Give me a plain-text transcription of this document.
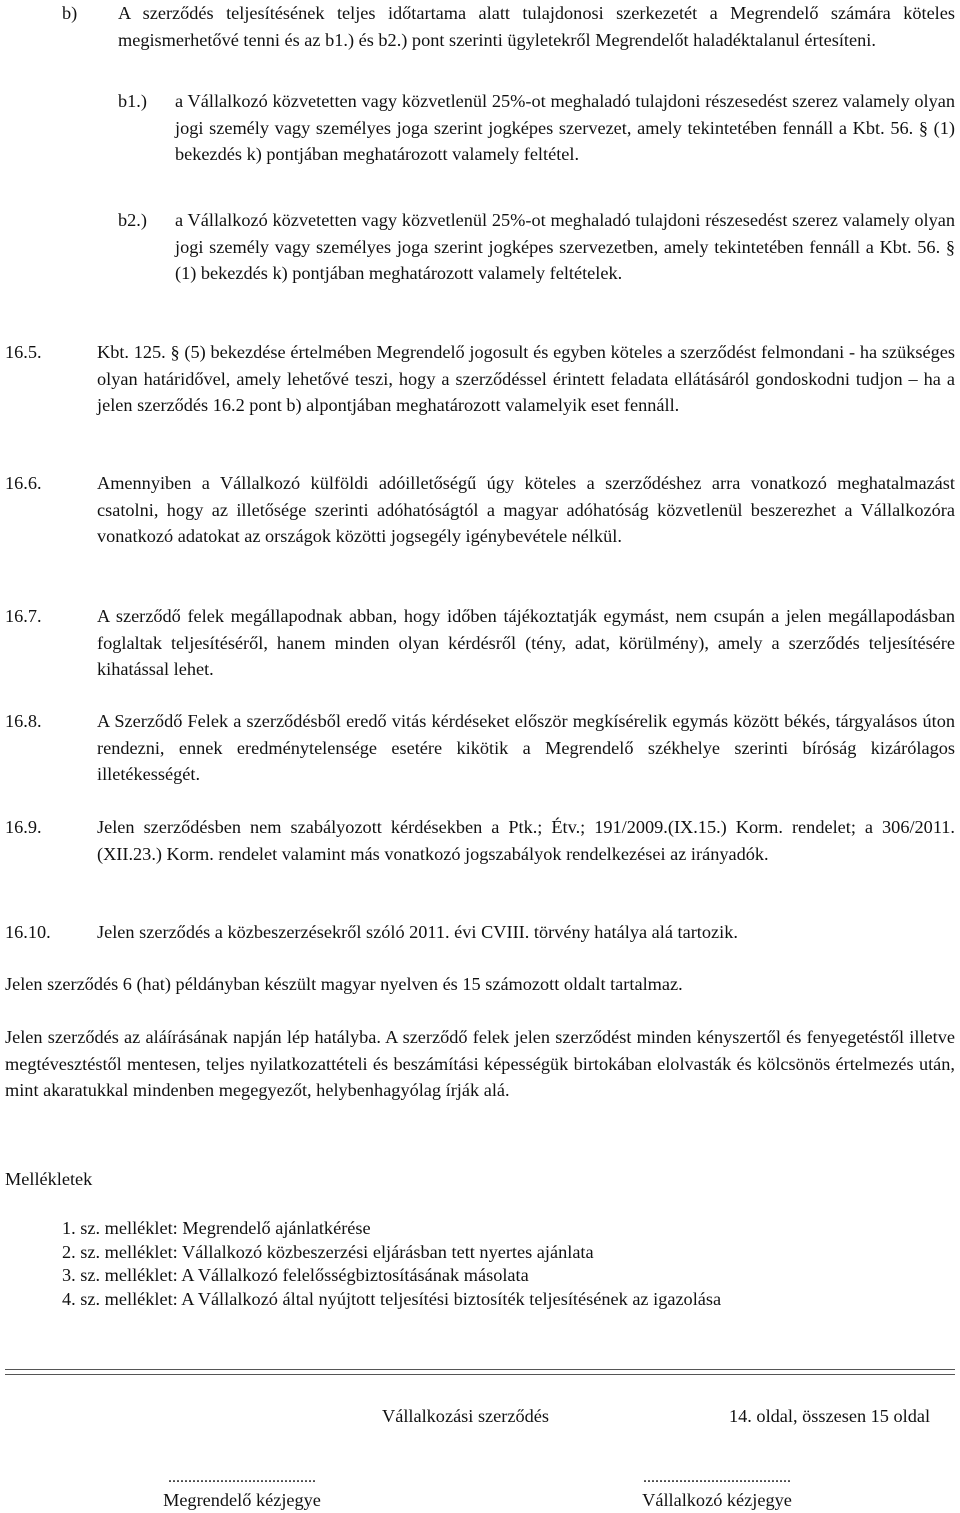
b) A szerződés teljesítésének teljes időtartama alatt tulajdonosi szerkezetét a Megrendelő számára köteles megismerhetővé tenni és az b1.) és b2.) pont szerinti ügyletekről Megrendelőt haladéktalanul értesíteni.

b1.) a Vállalkozó közvetetten vagy közvetlenül 25%-ot meghaladó tulajdoni részesedést szerez valamely olyan jogi személy vagy személyes joga szerint jogképes szervezet, amely tekintetében fennáll a Kbt. 56. § (1) bekezdés k) pontjában meghatározott valamely feltétel.

b2.) a Vállalkozó közvetetten vagy közvetlenül 25%-ot meghaladó tulajdoni részesedést szerez valamely olyan jogi személy vagy személyes joga szerint jogképes szervezetben, amely tekintetében fennáll a Kbt. 56. § (1) bekezdés k) pontjában meghatározott valamely feltételek.

16.5.	Kbt. 125. § (5) bekezdése értelmében Megrendelő jogosult és egyben köteles a szerződést felmondani - ha szükséges olyan határidővel, amely lehetővé teszi, hogy a szerződéssel érintett feladata ellátásáról gondoskodni tudjon – ha a jelen szerződés 16.2 pont b) alpontjában meghatározott valamelyik eset fennáll.

16.6.	Amennyiben a Vállalkozó külföldi adóilletőségű úgy köteles a szerződéshez arra vonatkozó meghatalmazást csatolni, hogy az illetősége szerinti adóhatóságtól a magyar adóhatóság közvetlenül beszerezhet a Vállalkozóra vonatkozó adatokat az országok közötti jogsegély igénybevétele nélkül.

16.7.	A szerződő felek megállapodnak abban, hogy időben tájékoztatják egymást, nem csupán a jelen megállapodásban foglaltak teljesítéséről, hanem minden olyan kérdésről (tény, adat, körülmény), amely a szerződés teljesítésére kihatással lehet.

16.8.	A Szerződő Felek a szerződésből eredő vitás kérdéseket először megkísérelik egymás között békés, tárgyalásos úton rendezni, ennek eredménytelensége esetére kikötik a Megrendelő székhelye szerinti bíróság kizárólagos illetékességét.

16.9.	Jelen szerződésben nem szabályozott kérdésekben a Ptk.; Étv.; 191/2009.(IX.15.) Korm. rendelet; a 306/2011.(XII.23.) Korm. rendelet valamint más vonatkozó jogszabályok rendelkezései az irányadók.

16.10.	Jelen szerződés a közbeszerzésekről szóló 2011. évi CVIII. törvény hatálya alá tartozik.

Jelen szerződés 6 (hat) példányban készült magyar nyelven és 15 számozott oldalt tartalmaz.

Jelen szerződés az aláírásának napján lép hatályba. A szerződő felek jelen szerződést minden kényszertől és fenyegetéstől illetve megtévesztéstől mentesen, teljes nyilatkozattételi és beszámítási képességük birtokában elolvasták és kölcsönös értelmezés után, mint akaratukkal mindenben megegyezőt, helybenhagyólag írják alá.

Mellékletek
1. sz. melléklet: Megrendelő ajánlatkérése
2. sz. melléklet: Vállalkozó közbeszerzési eljárásban tett nyertes ajánlata
3. sz. melléklet: A Vállalkozó felelősségbiztosításának másolata
4. sz. melléklet: A Vállalkozó által nyújtott teljesítési biztosíték teljesítésének az igazolása
Vállalkozási szerződés	14. oldal, összesen 15 oldal
.....................................
Megrendelő kézjegye
.....................................
Vállalkozó kézjegye
